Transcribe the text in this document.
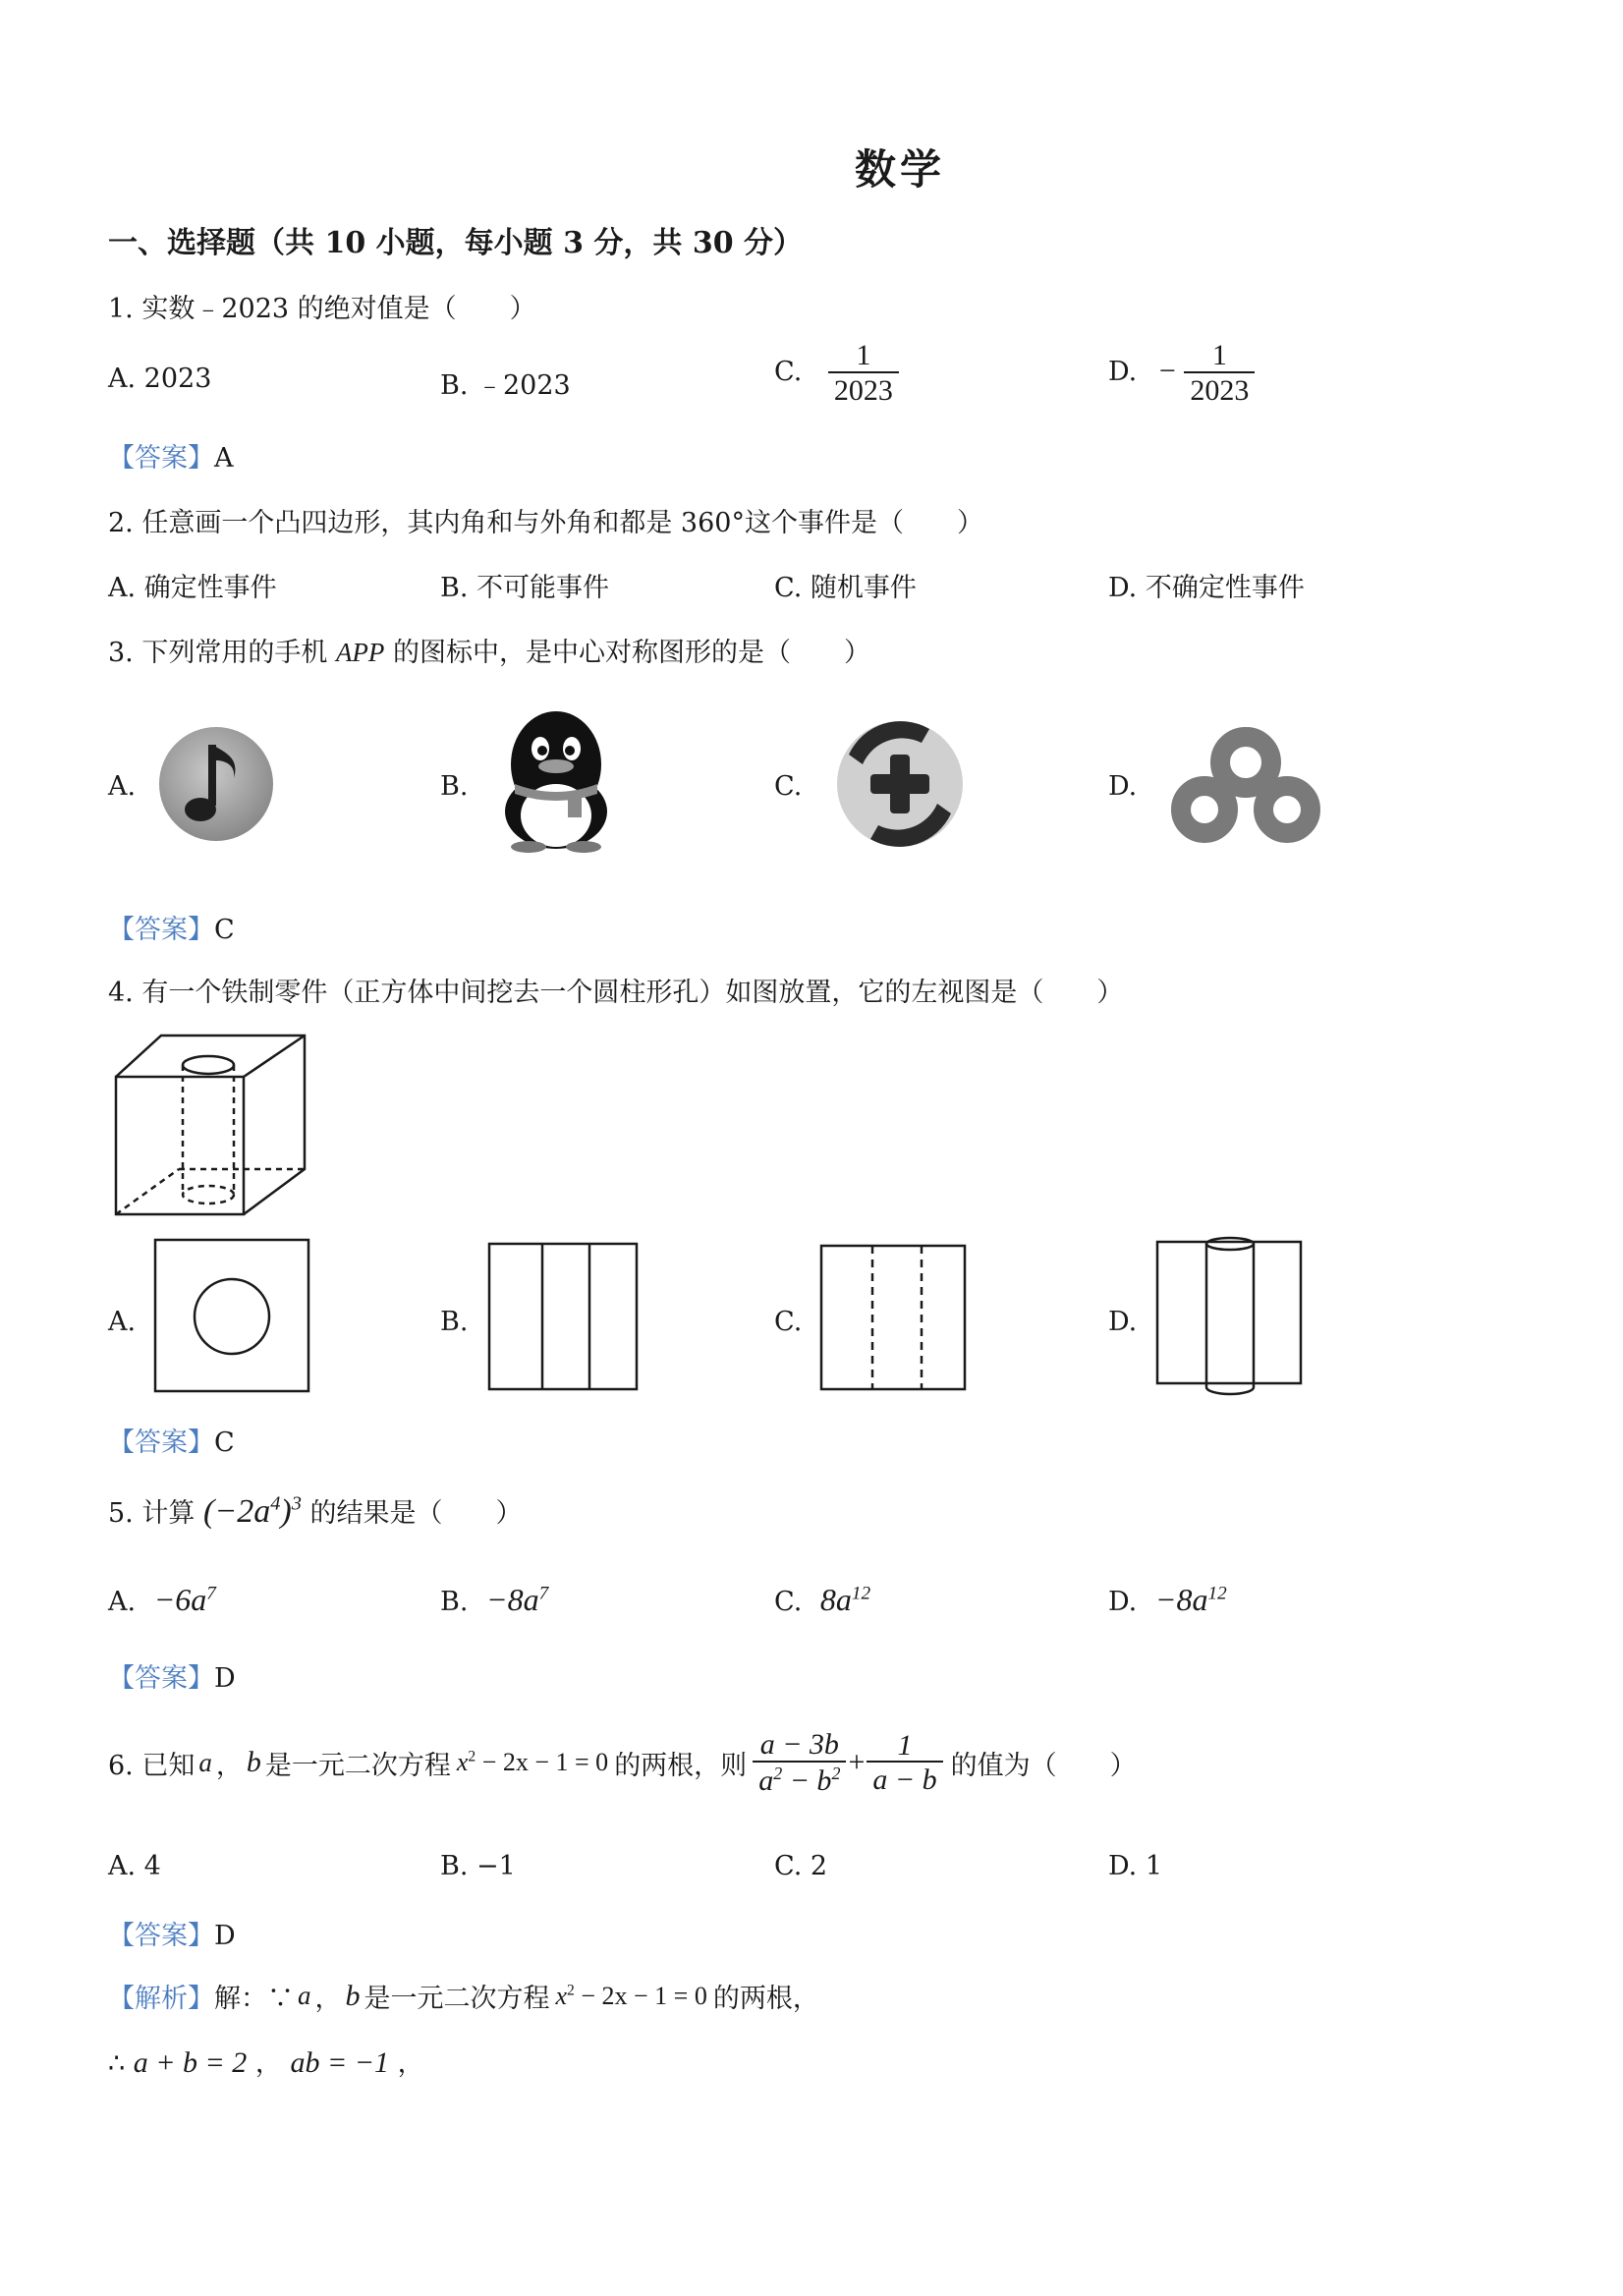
数学
一、选择题（共 10 小题，每小题 3 分，共 30 分）
1. 实数﹣2023 的绝对值是（　　）
A. 2023	B. ﹣2023	C. $\frac{1}{2023}$	D. − $\frac{1}{2023}$
【答案】A
2. 任意画一个凸四边形，其内角和与外角和都是 360°这个事件是（　　）
A. 确定性事件	B. 不可能事件	C. 随机事件	D. 不确定性事件
3. 下列常用的手机 APP 的图标中，是中心对称图形的是（　　）
A.	B.	C.	D.
【答案】C
4. 有一个铁制零件（正方体中间挖去一个圆柱形孔）如图放置，它的左视图是（　　）
A.	B.	C.	D.
【答案】C
5. 计算 $(-2a^4)^3$ 的结果是（　　）
A. $-6a^7$	B. $-8a^7$	C. $8a^{12}$	D. $-8a^{12}$
【答案】D
6. 已知 a ， b 是一元二次方程 $x^2 - 2x - 1 = 0$ 的两根，则 $\frac{a - 3b}{a^2 - b^2} + \frac{1}{a - b}$ 的值为（　　）
A. 4	B. −1	C. 2	D. 1
【答案】D
【解析】 解：∵ a ， b 是一元二次方程 $x^2 - 2x - 1 = 0$ 的两根，
∴ a + b = 2 ， ab = −1 ，
